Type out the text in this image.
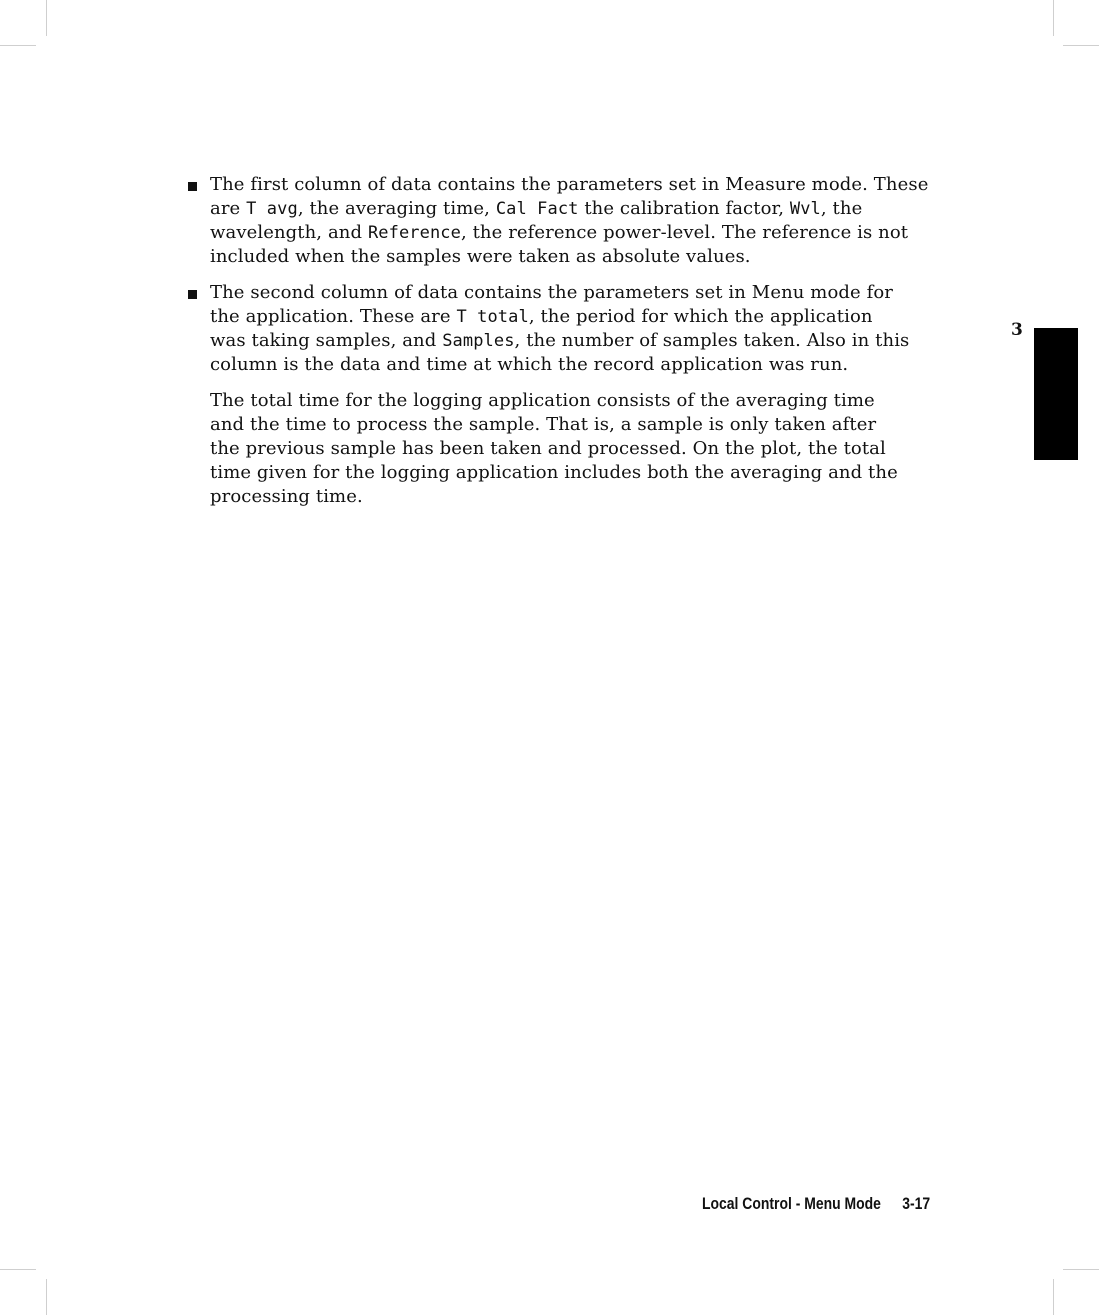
The first column of data contains the parameters set in Measure mode. These
are T avg, the averaging time, Cal Fact the calibration factor, Wvl, the
wavelength, and Reference, the reference power-level. The reference is not
included when the samples were taken as absolute values.

The second column of data contains the parameters set in Menu mode for
the application. These are T total, the period for which the application
was taking samples, and Samples, the number of samples taken. Also in this
column is the data and time at which the record application was run.

The total time for the logging application consists of the averaging time
and the time to process the sample. That is, a sample is only taken after
the previous sample has been taken and processed. On the plot, the total
time given for the logging application includes both the averaging and the
processing time.

3
Local Control - Menu Mode 3-17
